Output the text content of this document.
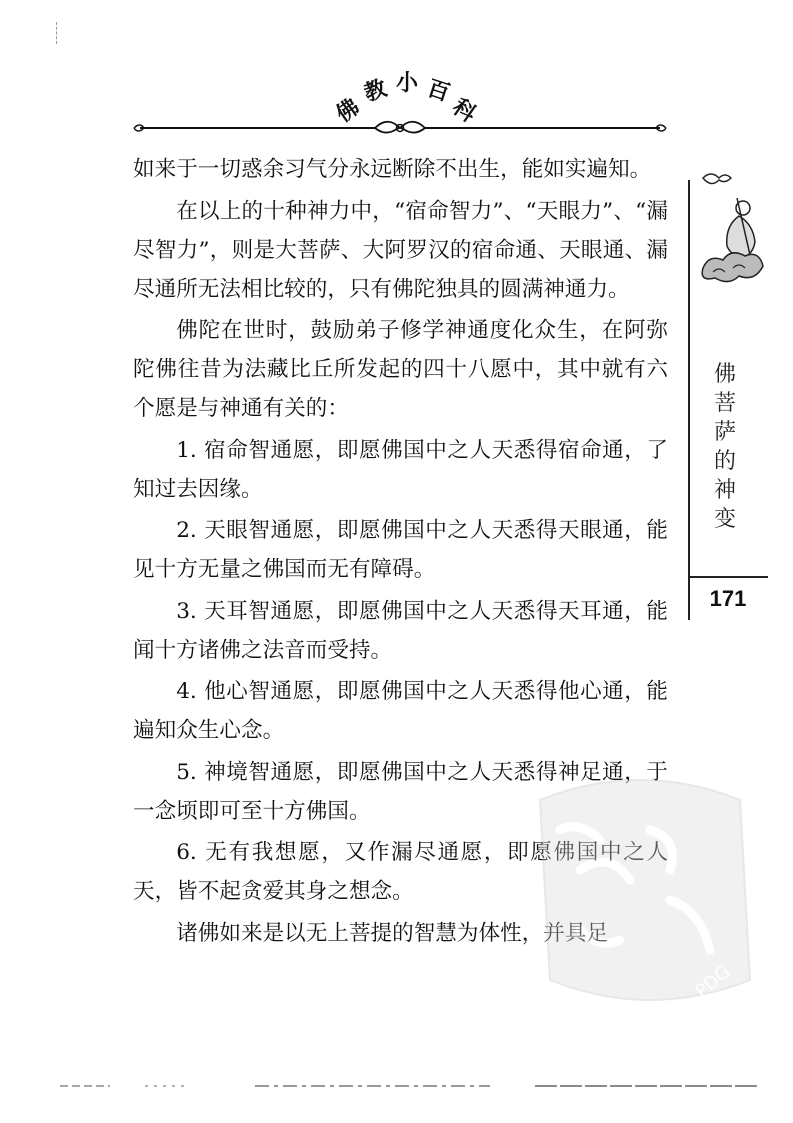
佛
教 小 百
科

如来于一切惑余习气分永远断除不出生，能如实遍知。

在以上的十种神力中，“宿命智力”、“天眼力”、“漏尽智力”，则是大菩萨、大阿罗汉的宿命通、天眼通、漏尽通所无法相比较的，只有佛陀独具的圆满神通力。

佛陀在世时，鼓励弟子修学神通度化众生，在阿弥陀佛往昔为法藏比丘所发起的四十八愿中，其中就有六个愿是与神通有关的：

1. 宿命智通愿，即愿佛国中之人天悉得宿命通，了知过去因缘。

2. 天眼智通愿，即愿佛国中之人天悉得天眼通，能见十方无量之佛国而无有障碍。

3. 天耳智通愿，即愿佛国中之人天悉得天耳通，能闻十方诸佛之法音而受持。

4. 他心智通愿，即愿佛国中之人天悉得他心通，能遍知众生心念。

5. 神境智通愿，即愿佛国中之人天悉得神足通，于一念顷即可至十方佛国。

6. 无有我想愿，又作漏尽通愿，即愿佛国中之人天，皆不起贪爱其身之想念。

诸佛如来是以无上菩提的智慧为体性，并具足

佛
菩
萨
的
神
变
171
PDG
